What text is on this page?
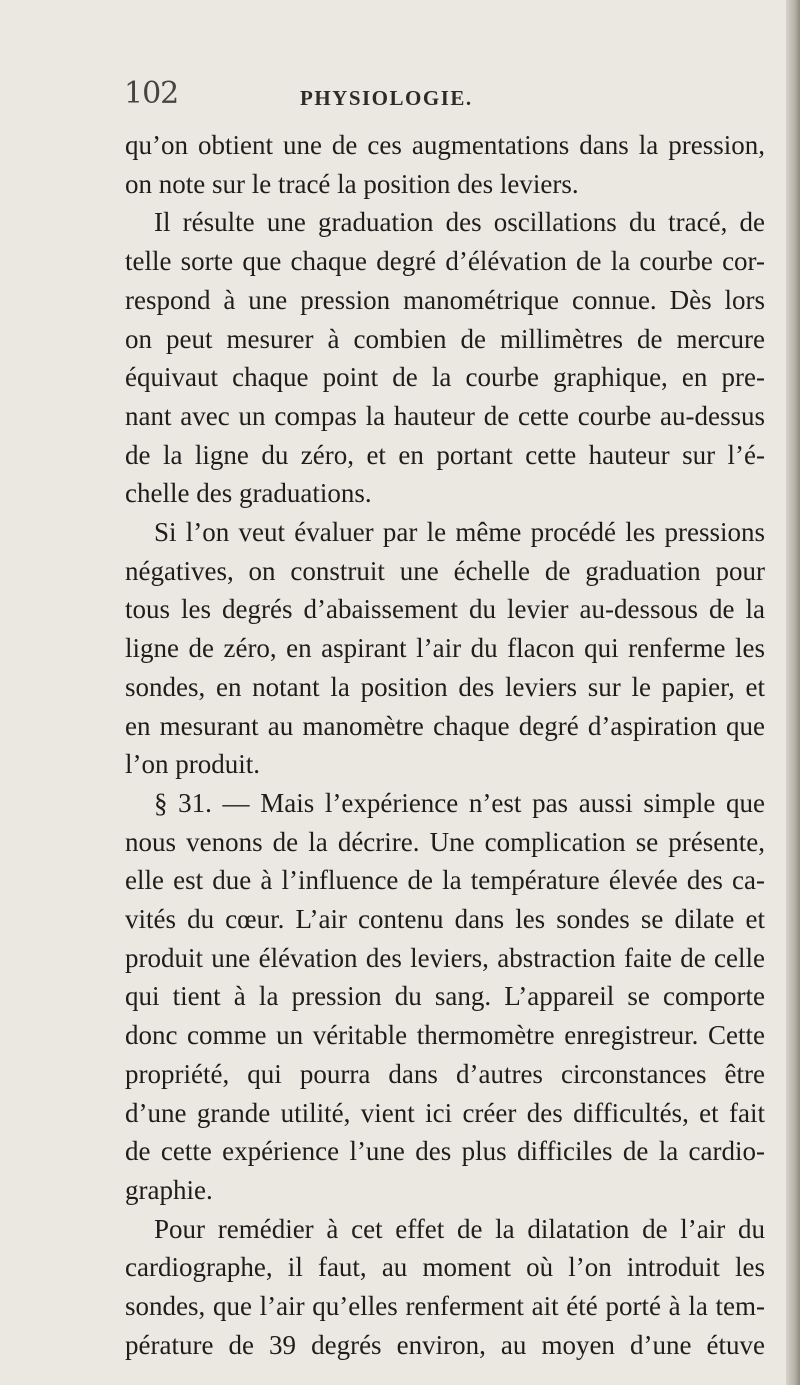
102	PHYSIOLOGIE.
qu’on obtient une de ces augmentations dans la pression,
on note sur le tracé la position des leviers.
Il résulte une graduation des oscillations du tracé, de
telle sorte que chaque degré d’élévation de la courbe cor-
respond à une pression manométrique connue. Dès lors
on peut mesurer à combien de millimètres de mercure
équivaut chaque point de la courbe graphique, en pre-
nant avec un compas la hauteur de cette courbe au-dessus
de la ligne du zéro, et en portant cette hauteur sur l’é-
chelle des graduations.
Si l’on veut évaluer par le même procédé les pressions
négatives, on construit une échelle de graduation pour
tous les degrés d’abaissement du levier au-dessous de la
ligne de zéro, en aspirant l’air du flacon qui renferme les
sondes, en notant la position des leviers sur le papier, et
en mesurant au manomètre chaque degré d’aspiration que
l’on produit.
§ 31. — Mais l’expérience n’est pas aussi simple que
nous venons de la décrire. Une complication se présente,
elle est due à l’influence de la température élevée des ca-
vités du cœur. L’air contenu dans les sondes se dilate et
produit une élévation des leviers, abstraction faite de celle
qui tient à la pression du sang. L’appareil se comporte
donc comme un véritable thermomètre enregistreur. Cette
propriété, qui pourra dans d’autres circonstances être
d’une grande utilité, vient ici créer des difficultés, et fait
de cette expérience l’une des plus difficiles de la cardio-
graphie.
Pour remédier à cet effet de la dilatation de l’air du
cardiographe, il faut, au moment où l’on introduit les
sondes, que l’air qu’elles renferment ait été porté à la tem-
pérature de 39 degrés environ, au moyen d’une étuve
